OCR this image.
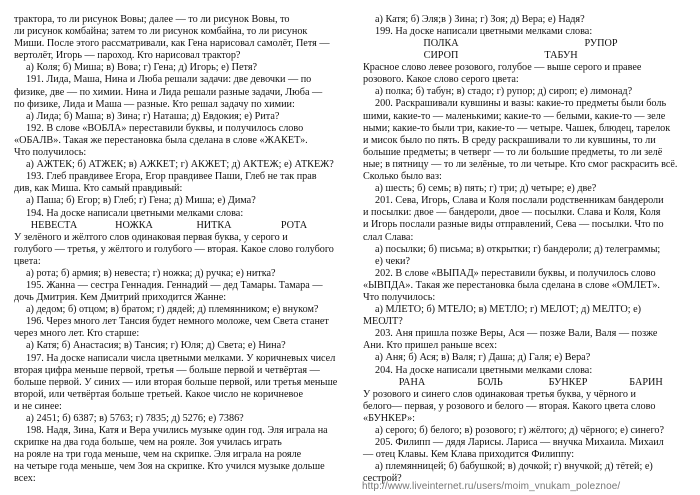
трактора, то ли рисунок Вовы; далее — то ли рисунок Вовы, то

ли рисунок комбайна; затем то ли рисунок комбайна, то ли рисунок

Миши. После этого рассматривали, как Гена нарисовал самолёт, Петя —

вертолёт, Игорь — пароход. Кто нарисовал трактор?

а) Коля; б) Миша; в) Вова; г) Гена; д) Игорь; е) Петя?

191. Лида, Маша, Нина и Люба решали задачи: две девочки — по

физике, две — по химии. Нина и Лида решали разные задачи, Люба —

по физике, Лида и Маша — разные. Кто решал задачу по химии:

а) Лида; б) Маша; в) Зина; г) Наташа; д) Евдокия; е) Рита?

192. В слове «ВОБЛА» переставили буквы, и получилось слово

«ОБАЛВ». Такая же перестановка была сделана в слове «ЖАКЕТ».

Что получилось:

а) АЖТЕК; б) АТЖЕК; в) АЖКЕТ; г) АКЖЕТ; д) АКТЕЖ; е) АТКЕЖ?

193. Глеб правдивее Егора, Егор правдивее Паши, Глеб не так прав

див, как Миша. Кто самый правдивый:

а) Паша; б) Егор; в) Глеб; г) Гена; д) Миша; е) Дима?

194. На доске написали цветными мелками слова:

НЕВЕСТА	НОЖКА	НИТКА	РОТА

У зелёного и жёлтого слов одинаковая первая буква, у серого и

голубого — третья, у жёлтого и голубого — вторая. Какое слово голубого

цвета:

а) рота; б) армия; в) невеста; г) ножка; д) ручка; е) нитка?

195. Жанна — сестра Геннадия. Геннадий — дед Тамары. Тамара —

дочь Дмитрия. Кем Дмитрий приходится Жанне:

а) дедом; б) отцом; в) братом; г) дядей; д) племянником; е) внуком?

196. Через много лет Тансия будет немного моложе, чем Света станет

через много лет. Кто старше:

а) Катя; б) Анастасия; в) Тансия; г) Юля; д) Света; е) Нина?

197. На доске написали числа цветными мелками. У коричневых чисел

вторая цифра меньше первой, третья — больше первой и четвёртая —

больше первой. У синих — или вторая больше первой, или третья меньше

второй, или четвёртая больше третьей. Какое число не коричневое

и не синее:

а) 2451; б) 6387; в) 5763; г) 7835; д) 5276; е) 7386?

198. Надя, Зина, Катя и Вера учились музыке один год. Эля играла на

скрипке на два года больше, чем на рояле. Зоя училась играть

на рояле на три года меньше, чем на скрипке. Эля играла на рояле

на четыре года меньше, чем Зоя на скрипке. Кто учился музыке дольше

всех:

а) Катя; б) Эля;в ) Зина; г) Зоя; д) Вера; е) Надя?

199. На доске написали цветными мелками слова:

ПОЛКА	РУПОР
СИРОП	ТАБУН

Красное слово левее розового, голубое — выше серого и правее

розового. Какое слово серого цвета:

а) полка; б) табун; в) стадо; г) рупор; д) сироп; е) лимонад?

200. Раскрашивали кувшины и вазы: какие-то предметы были боль

шими, какие-то — маленькими; какие-то — белыми, какие-то — зеле

ными; какие-то были три, какие-то — четыре. Чашек, блюдец, тарелок

и мисок было по пять. В среду раскрашивали то ли кувшины, то ли

большие предметы; в четверг — то ли большие предметы, то ли зелё

ные; в пятницу — то ли зелёные, то ли четыре. Кто смог раскрасить всё.

Сколько было ваз:

а) шесть; б) семь; в) пять; г) три; д) четыре; е) две?

201. Сева, Игорь, Слава и Коля послали родственникам бандероли

и посылки: двое — бандероли, двое — посылки. Слава и Коля, Коля

и Игорь послали разные виды отправлений, Сева — посылки. Что по

слал Слава:

а) посылки; б) письма; в) открытки; г) бандероли; д) телеграммы;

е) чеки?

202. В слове «ВЫПАД» переставили буквы, и получилось слово

«ЫВПДА». Такая же перестановка была сделана в слове «ОМЛЕТ».

Что получилось:

а) МЛЕТО; б) МТЕЛО; в) МЕТЛО; г) МЕЛОТ; д) МЕЛТО; е)

МЕОЛТ?

203. Аня пришла позже Веры, Ася — позже Вали, Валя — позже

Ани. Кто пришел раньше всех:

а) Аня; б) Ася; в) Валя; г) Даша; д) Галя; е) Вера?

204. На доске написали цветными мелками слова:

РАНА	БОЛЬ	БУНКЕР	БАРИН

У розового и синего слов одинаковая третья буква, у чёрного и

белого— первая, у розового и белого — вторая. Какого цвета слово

«БУНКЕР»:

а) серого; б) белого; в) розового; г) жёлтого; д) чёрного; е) синего?

205. Филипп — дядя Ларисы. Лариса — внучка Михаила. Михаил

— отец Клавы. Кем Клава приходится Филиппу:

а) племянницей; б) бабушкой; в) дочкой; г) внучкой; д) тётей; е)

сестрой?

http://www.liveinternet.ru/users/moim_vnukam_poleznoe/
